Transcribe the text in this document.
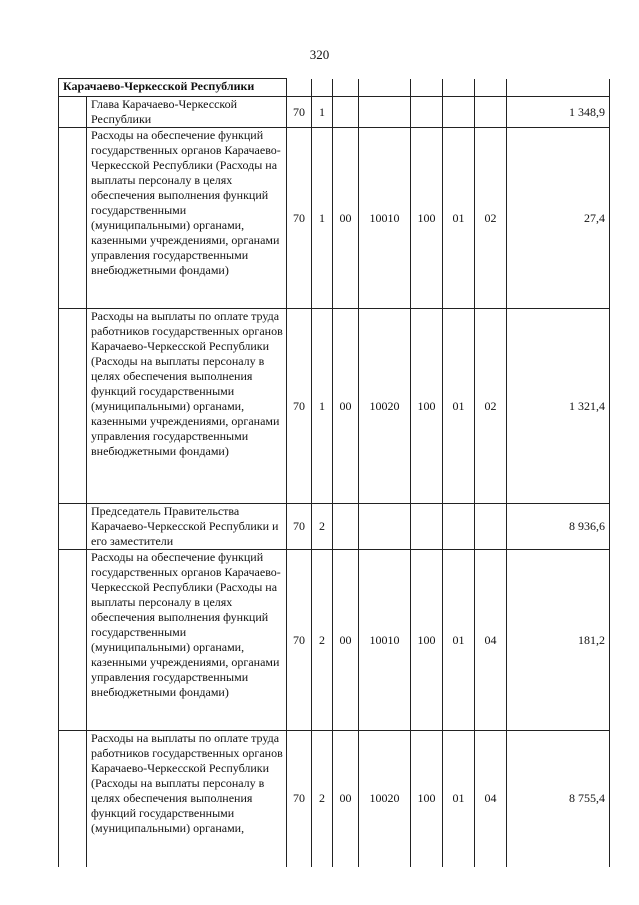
320
Карачаево-Черкесской Республики									
	Глава Карачаево-Черкесской Республики	70	1						1 348,9
	Расходы на обеспечение функций государственных органов Карачаево-Черкесской Республики (Расходы на выплаты персоналу в целях обеспечения выполнения функций государственными (муниципальными) органами, казенными учреждениями, органами управления государственными внебюджетными фондами)	70	1	00	10010	100	01	02	27,4
	Расходы на выплаты по оплате труда работников государственных органов Карачаево-Черкесской Республики (Расходы на выплаты персоналу в целях обеспечения выполнения функций государственными (муниципальными) органами, казенными учреждениями, органами управления государственными внебюджетными фондами)	70	1	00	10020	100	01	02	1 321,4
	Председатель Правительства Карачаево-Черкесской Республики и его заместители	70	2						8 936,6
	Расходы на обеспечение функций государственных органов Карачаево-Черкесской Республики (Расходы на выплаты персоналу в целях обеспечения выполнения функций государственными (муниципальными) органами, казенными учреждениями, органами управления государственными внебюджетными фондами)	70	2	00	10010	100	01	04	181,2
	Расходы на выплаты по оплате труда работников государственных органов Карачаево-Черкесской Республики (Расходы на выплаты персоналу в целях обеспечения выполнения функций государственными (муниципальными) органами,	70	2	00	10020	100	01	04	8 755,4
